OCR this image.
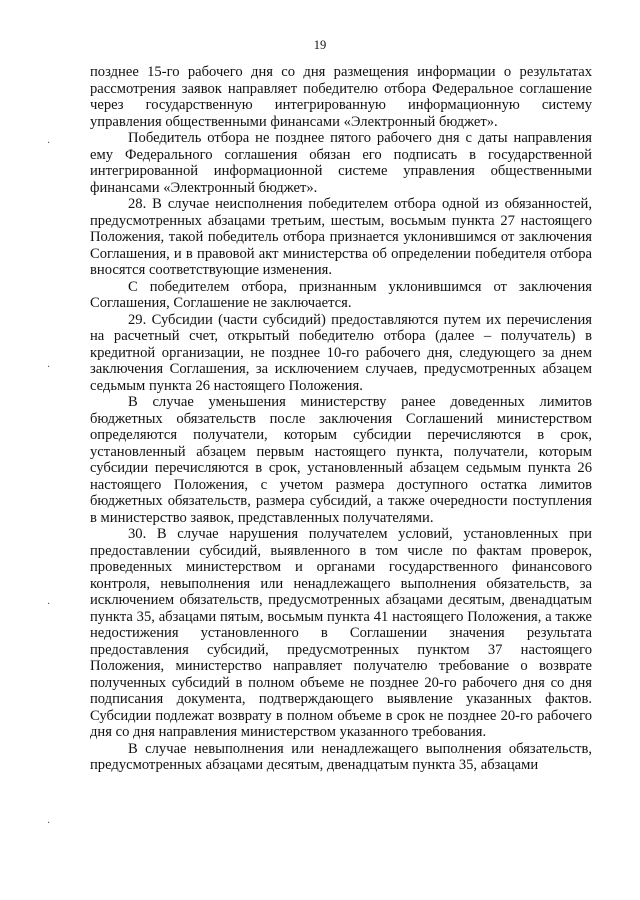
19
·
·
·
·

позднее 15-го рабочего дня со дня размещения информации о результатах рассмотрения заявок направляет победителю отбора Федеральное соглашение через государственную интегрированную информационную систему управления общественными финансами «Электронный бюджет».

Победитель отбора не позднее пятого рабочего дня с даты направления ему Федерального соглашения обязан его подписать в государственной интегрированной информационной системе управления общественными финансами «Электронный бюджет».

28. В случае неисполнения победителем отбора одной из обязанностей, предусмотренных абзацами третьим, шестым, восьмым пункта 27 настоящего Положения, такой победитель отбора признается уклонившимся от заключения Соглашения, и в правовой акт министерства об определении победителя отбора вносятся соответствующие изменения.

С победителем отбора, признанным уклонившимся от заключения Соглашения, Соглашение не заключается.

29. Субсидии (части субсидий) предоставляются путем их перечисления на расчетный счет, открытый победителю отбора (далее – получатель) в кредитной организации, не позднее 10-го рабочего дня, следующего за днем заключения Соглашения, за исключением случаев, предусмотренных абзацем седьмым пункта 26 настоящего Положения.

В случае уменьшения министерству ранее доведенных лимитов бюджетных обязательств после заключения Соглашений министерством определяются получатели, которым субсидии перечисляются в срок, установленный абзацем первым настоящего пункта, получатели, которым субсидии перечисляются в срок, установленный абзацем седьмым пункта 26 настоящего Положения, с учетом размера доступного остатка лимитов бюджетных обязательств, размера субсидий, а также очередности поступления в министерство заявок, представленных получателями.

30. В случае нарушения получателем условий, установленных при предоставлении субсидий, выявленного в том числе по фактам проверок, проведенных министерством и органами государственного финансового контроля, невыполнения или ненадлежащего выполнения обязательств, за исключением обязательств, предусмотренных абзацами десятым, двенадцатым пункта 35, абзацами пятым, восьмым пункта 41 настоящего Положения, а также недостижения установленного в Соглашении значения результата предоставления субсидий, предусмотренных пунктом 37 настоящего Положения, министерство направляет получателю требование о возврате полученных субсидий в полном объеме не позднее 20-го рабочего дня со дня подписания документа, подтверждающего выявление указанных фактов. Субсидии подлежат возврату в полном объеме в срок не позднее 20-го рабочего дня со дня направления министерством указанного требования.

В случае невыполнения или ненадлежащего выполнения обязательств, предусмотренных абзацами десятым, двенадцатым пункта 35, абзацами
